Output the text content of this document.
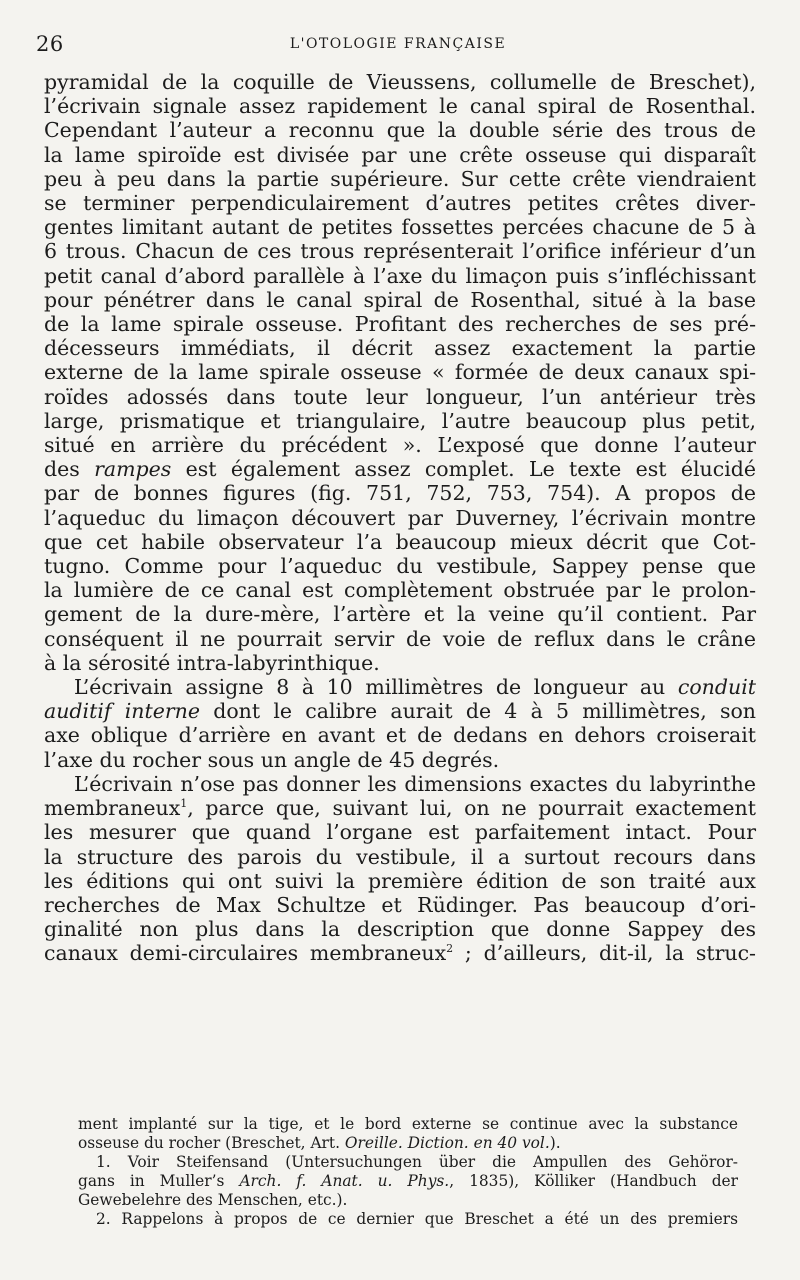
26	L'OTOLOGIE FRANÇAISE

pyramidal de la coquille de Vieussens, collumelle de Breschet),
l’écrivain signale assez rapidement le canal spiral de Rosenthal.
Cependant l’auteur a reconnu que la double série des trous de
la lame spiroïde est divisée par une crête osseuse qui disparaît
peu à peu dans la partie supérieure. Sur cette crête viendraient
se terminer perpendiculairement d’autres petites crêtes diver-
gentes limitant autant de petites fossettes percées chacune de 5 à
6 trous. Chacun de ces trous représenterait l’orifice inférieur d’un
petit canal d’abord parallèle à l’axe du limaçon puis s’infléchissant
pour pénétrer dans le canal spiral de Rosenthal, situé à la base
de la lame spirale osseuse. Profitant des recherches de ses pré-
décesseurs immédiats, il décrit assez exactement la partie
externe de la lame spirale osseuse « formée de deux canaux spi-
roïdes adossés dans toute leur longueur, l’un antérieur très
large, prismatique et triangulaire, l’autre beaucoup plus petit,
situé en arrière du précédent ». L’exposé que donne l’auteur
des rampes est également assez complet. Le texte est élucidé
par de bonnes figures (fig. 751, 752, 753, 754). A propos de
l’aqueduc du limaçon découvert par Duverney, l’écrivain montre
que cet habile observateur l’a beaucoup mieux décrit que Cot-
tugno. Comme pour l’aqueduc du vestibule, Sappey pense que
la lumière de ce canal est complètement obstruée par le prolon-
gement de la dure-mère, l’artère et la veine qu’il contient. Par
conséquent il ne pourrait servir de voie de reflux dans le crâne
à la sérosité intra-labyrinthique.

L’écrivain assigne 8 à 10 millimètres de longueur au conduit
auditif interne dont le calibre aurait de 4 à 5 millimètres, son
axe oblique d’arrière en avant et de dedans en dehors croiserait
l’axe du rocher sous un angle de 45 degrés.

L’écrivain n’ose pas donner les dimensions exactes du labyrinthe
membraneux$^1$, parce que, suivant lui, on ne pourrait exactement
les mesurer que quand l’organe est parfaitement intact. Pour
la structure des parois du vestibule, il a surtout recours dans
les éditions qui ont suivi la première édition de son traité aux
recherches de Max Schultze et Rüdinger. Pas beaucoup d’ori-
ginalité non plus dans la description que donne Sappey des
canaux demi-circulaires membraneux$^2$ ; d’ailleurs, dit-il, la struc-

ment implanté sur la tige, et le bord externe se continue avec la substance
osseuse du rocher (Breschet, Art. Oreille. Diction. en 40 vol.).
1. Voir Steifensand (Untersuchungen über die Ampullen des Gehöror-
gans in Muller’s Arch. f. Anat. u. Phys., 1835), Kölliker (Handbuch der
Gewebelehre des Menschen, etc.).
2. Rappelons à propos de ce dernier que Breschet a été un des premiers
